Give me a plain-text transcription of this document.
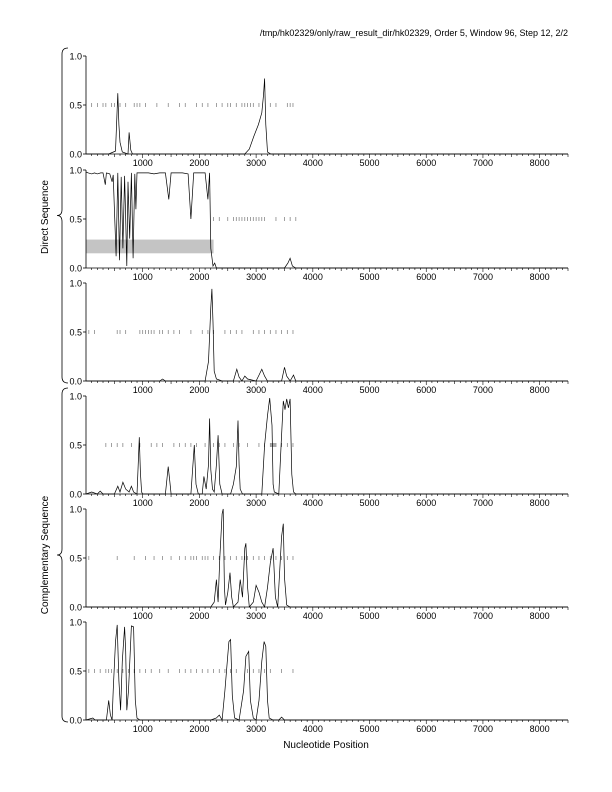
/tmp/hk02329/only/raw_result_dir/hk02329, Order 5, Window 96, Step 12, 2/2
0.0
0.5
1.0
1000	2000	3000	4000	5000	6000	7000	8000
0.0
0.5
1.0
1000	2000	3000	4000	5000	6000	7000	8000
0.0
0.5
1.0
1000	2000	3000	4000	5000	6000	7000	8000
0.0
0.5
1.0
1000	2000	3000	4000	5000	6000	7000	8000
0.0
0.5
1.0
1000	2000	3000	4000	5000	6000	7000	8000
0.0
0.5
1.0
1000	2000	3000	4000	5000	6000	7000	8000
Direct Sequence
Complementary Sequence
Nucleotide Position
